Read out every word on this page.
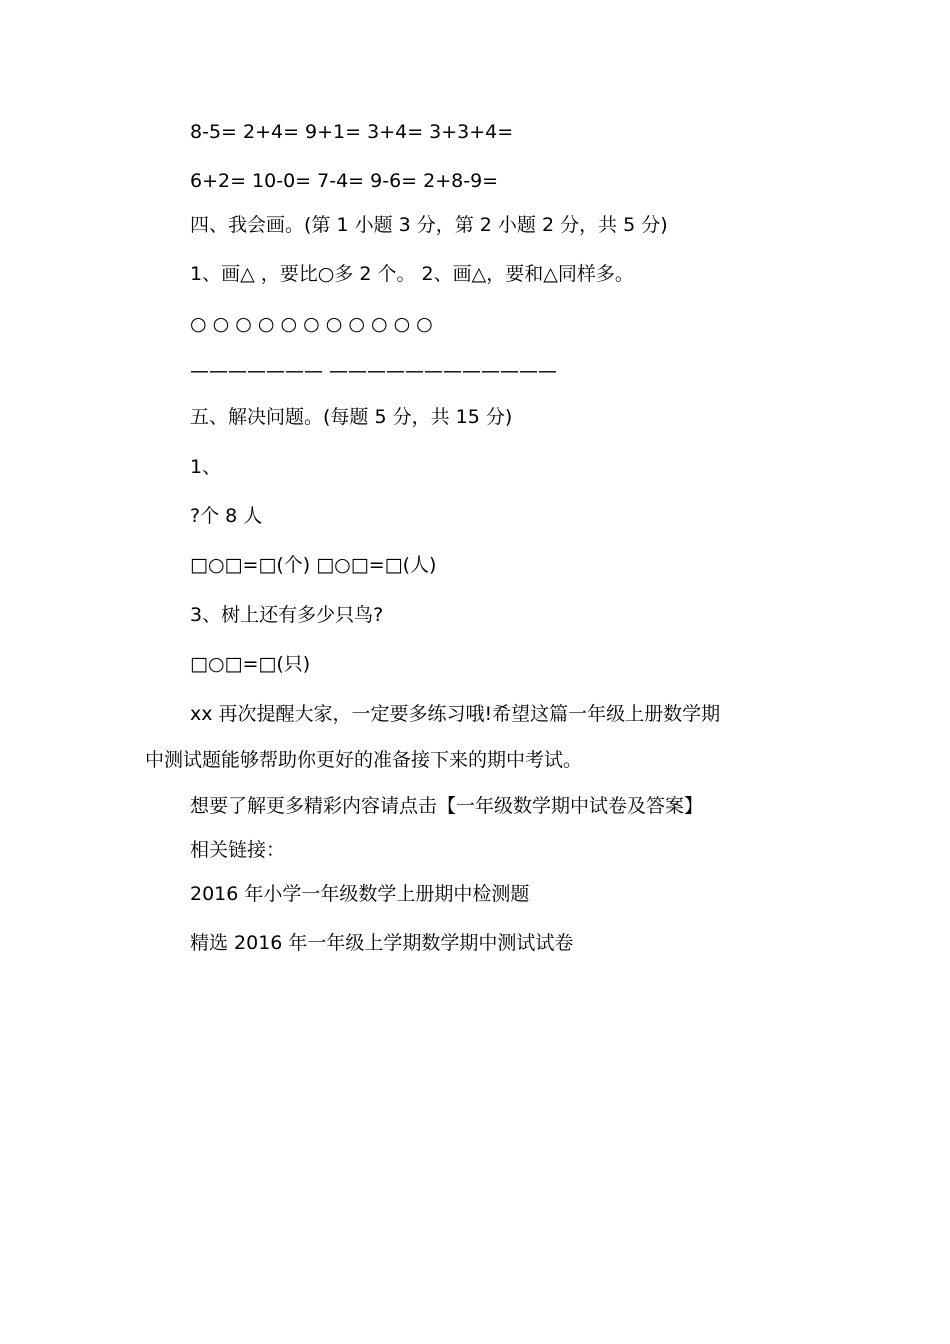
8-5= 2+4= 9+1= 3+4= 3+3+4=
6+2= 10-0= 7-4= 9-6= 2+8-9=
四、我会画。(第 1 小题 3 分，第 2 小题 2 分，共 5 分)
1、画△ ，要比○多 2 个。 2、画△，要和△同样多。
○ ○ ○ ○ ○ ○ ○ ○ ○ ○ ○
——————— ————————————
五、解决问题。(每题 5 分，共 15 分)
1、
?个 8 人
□○□=□(个) □○□=□(人)
3、树上还有多少只鸟?
□○□=□(只)
xx 再次提醒大家，一定要多练习哦!希望这篇一年级上册数学期
中测试题能够帮助你更好的准备接下来的期中考试。
想要了解更多精彩内容请点击【一年级数学期中试卷及答案】
相关链接：
2016 年小学一年级数学上册期中检测题
精选 2016 年一年级上学期数学期中测试试卷
